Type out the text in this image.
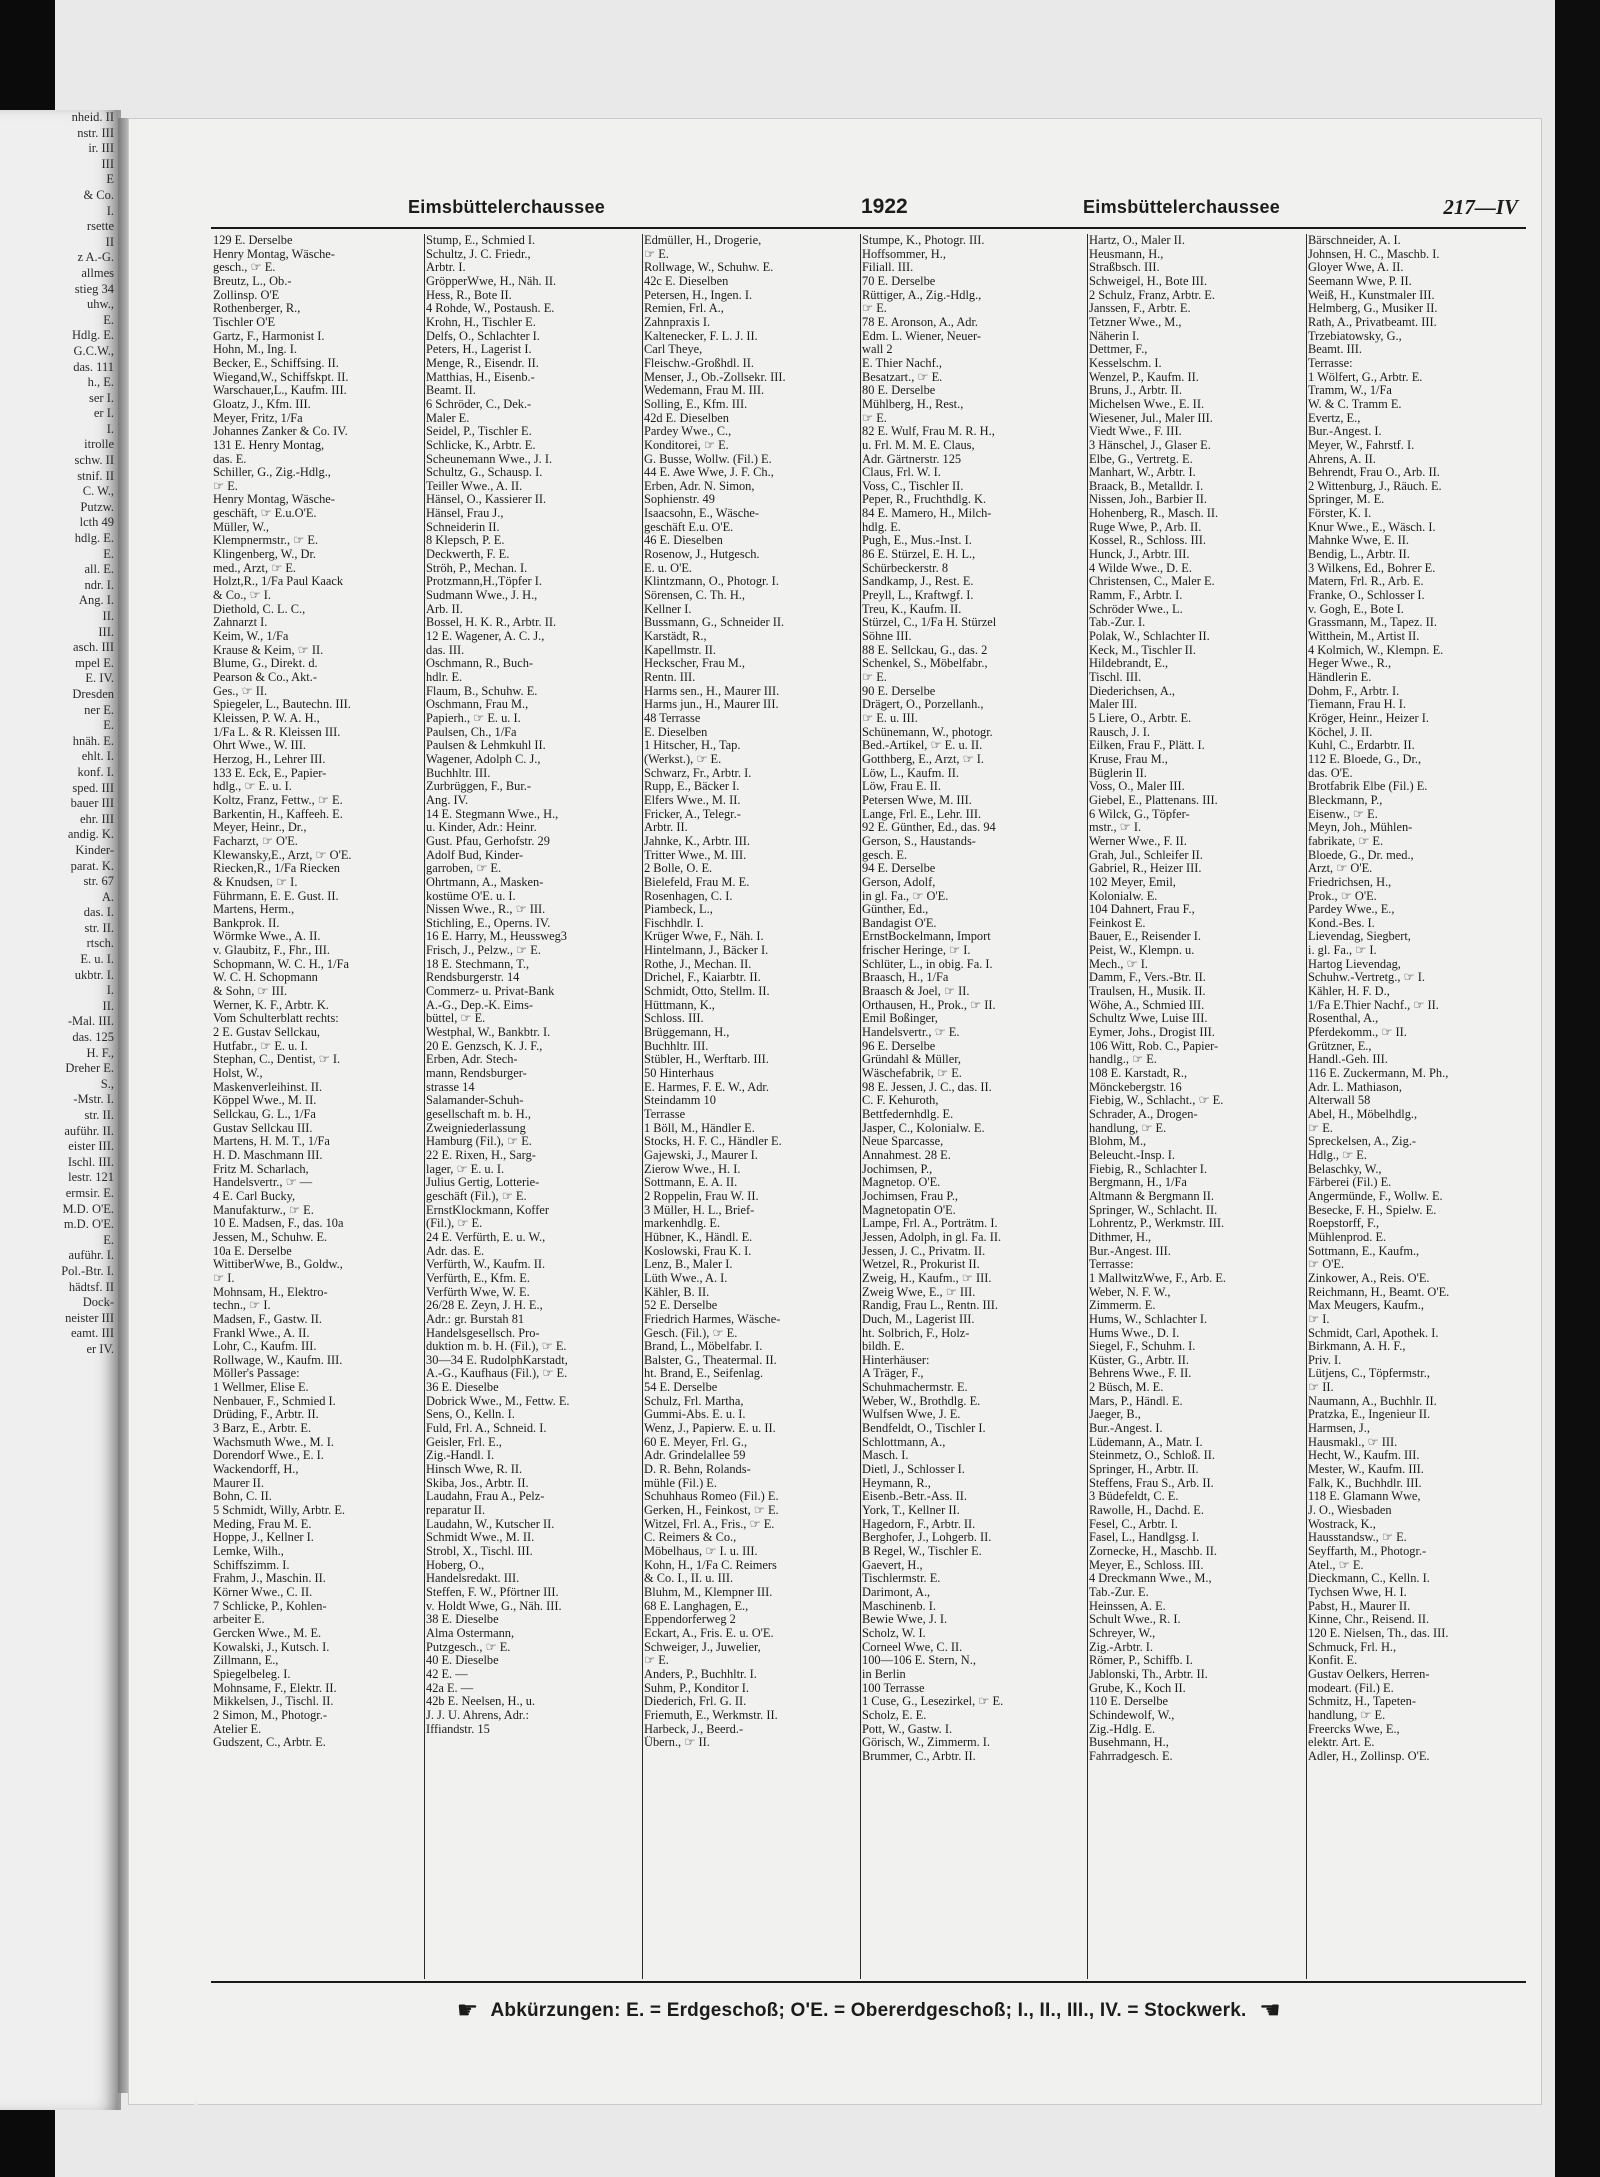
nheid. II
nstr. III
ir. III
III
E
& Co.
I.
rsette
II
z A.-G.
allmes
stieg 34
uhw.,
E.
Hdlg. E.
G.C.W.,
das. 111
h., E.
ser I.
er I.
I.
itrolle
schw. II
stnif. II
C. W.,
Putzw.
lcth 49
hdlg. E.
E.
all. E.
ndr. I.
Ang. I.
II.
III.
asch. III
mpel E.
E. IV.
Dresden
ner E.
E.
hnäh. E.
ehlt. I.
konf. I.
sped. III
bauer III
ehr. III
andig. K.
Kinder-
parat. K.
str. 67
A.
das. I.
str. II.
rtsch.
E. u. I.
ukbtr. I.
I.
II.
-Mal. III.
das. 125
H. F.,
Dreher E.
S.,
-Mstr. I.
str. II.
auführ. II.
eister III.
Ischl. III.
lestr. 121
ermsir. E.
M.D. O'E.
m.D. O'E.
E.
auführ. I.
Pol.-Btr. I.
hädtsf. II
Dock-
neister III
eamt. III
er IV.
Eimsbüttelerchaussee	1922	Eimsbüttelerchaussee	217—IV
129 E. Derselbe
Henry Montag, Wäsche-
gesch., ☞ E.
Breutz, L., Ob.-
Zollinsp. O'E
Rothenberger, R.,
Tischler O'E
Gartz, F., Harmonist I.
Hohn, M., Ing. I.
Becker, E., Schiffsing. II.
Wiegand,W., Schiffskpt. II.
Warschauer,L., Kaufm. III.
Gloatz, J., Kfm. III.
Meyer, Fritz, 1/Fa
Johannes Zanker & Co. IV.
131 E. Henry Montag,
das. E.
Schiller, G., Zig.-Hdlg.,
☞ E.
Henry Montag, Wäsche-
geschäft, ☞ E.u.O'E.
Müller, W.,
Klempnermstr., ☞ E.
Klingenberg, W., Dr.
med., Arzt, ☞ E.
Holzt,R., 1/Fa Paul Kaack
& Co., ☞ I.
Diethold, C. L. C.,
Zahnarzt I.
Keim, W., 1/Fa
Krause & Keim, ☞ II.
Blume, G., Direkt. d.
Pearson & Co., Akt.-
Ges., ☞ II.
Spiegeler, L., Bautechn. III.
Kleissen, P. W. A. H.,
1/Fa L. & R. Kleissen III.
Ohrt Wwe., W. III.
Herzog, H., Lehrer III.
133 E. Eck, E., Papier-
hdlg., ☞ E. u. I.
Koltz, Franz, Fettw., ☞ E.
Barkentin, H., Kaffeeh. E.
Meyer, Heinr., Dr.,
Facharzt, ☞ O'E.
Klewansky,E., Arzt, ☞ O'E.
Riecken,R., 1/Fa Riecken
& Knudsen, ☞ I.
Führmann, E. E. Gust. II.
Martens, Herm.,
Bankprok. II.
Wörmke Wwe., A. II.
v. Glaubitz, F., Fhr., III.
Schopmann, W. C. H., 1/Fa
W. C. H. Schopmann
& Sohn, ☞ III.
Werner, K. F., Arbtr. K.
Vom Schulterblatt rechts:
2 E. Gustav Sellckau,
Hutfabr., ☞ E. u. I.
Stephan, C., Dentist, ☞ I.
Holst, W.,
Maskenverleihinst. II.
Köppel Wwe., M. II.
Sellckau, G. L., 1/Fa
Gustav Sellckau III.
Martens, H. M. T., 1/Fa
H. D. Maschmann III.
Fritz M. Scharlach,
Handelsvertr., ☞ —
4 E. Carl Bucky,
Manufakturw., ☞ E.
10 E. Madsen, F., das. 10a
Jessen, M., Schuhw. E.
10a E. Derselbe
WittiberWwe, B., Goldw.,
☞ I.
Mohnsam, H., Elektro-
techn., ☞ I.
Madsen, F., Gastw. II.
Frankl Wwe., A. II.
Lohr, C., Kaufm. III.
Rollwage, W., Kaufm. III.
Möller's Passage:
1 Wellmer, Elise E.
Nenbauer, F., Schmied I.
Drüding, F., Arbtr. II.
3 Barz, E., Arbtr. E.
Wachsmuth Wwe., M. I.
Dorendorf Wwe., E. I.
Wackendorff, H.,
Maurer II.
Bohn, C. II.
5 Schmidt, Willy, Arbtr. E.
Meding, Frau M. E.
Hoppe, J., Kellner I.
Lemke, Wilh.,
Schiffszimm. I.
Frahm, J., Maschin. II.
Körner Wwe., C. II.
7 Schlicke, P., Kohlen-
arbeiter E.
Gercken Wwe., M. E.
Kowalski, J., Kutsch. I.
Zillmann, E.,
Spiegelbeleg. I.
Mohnsame, F., Elektr. II.
Mikkelsen, J., Tischl. II.
2 Simon, M., Photogr.-
Atelier E.
Gudszent, C., Arbtr. E.
Stump, E., Schmied I.
Schultz, J. C. Friedr.,
Arbtr. I.
GröpperWwe, H., Näh. II.
Hess, R., Bote II.
4 Rohde, W., Postaush. E.
Krohn, H., Tischler E.
Delfs, O., Schlachter I.
Peters, H., Lagerist I.
Menge, R., Eisendr. II.
Matthias, H., Eisenb.-
Beamt. II.
6 Schröder, C., Dek.-
Maler E.
Seidel, P., Tischler E.
Schlicke, K., Arbtr. E.
Scheunemann Wwe., J. I.
Schultz, G., Schausp. I.
Teiller Wwe., A. II.
Hänsel, O., Kassierer II.
Hänsel, Frau J.,
Schneiderin II.
8 Klepsch, P. E.
Deckwerth, F. E.
Ströh, P., Mechan. I.
Protzmann,H.,Töpfer I.
Sudmann Wwe., J. H.,
Arb. II.
Bossel, H. K. R., Arbtr. II.
12 E. Wagener, A. C. J.,
das. III.
Oschmann, R., Buch-
hdlr. E.
Flaum, B., Schuhw. E.
Oschmann, Frau M.,
Papierh., ☞ E. u. I.
Paulsen, Ch., 1/Fa
Paulsen & Lehmkuhl II.
Wagener, Adolph C. J.,
Buchhltr. III.
Zurbrüggen, F., Bur.-
Ang. IV.
14 E. Stegmann Wwe., H.,
u. Kinder, Adr.: Heinr.
Gust. Pfau, Gerhofstr. 29
Adolf Bud, Kinder-
garroben, ☞ E.
Ohrtmann, A., Masken-
kostüme O'E. u. I.
Nissen Wwe., R., ☞ III.
Stichling, E., Operns. IV.
16 E. Harry, M., Heussweg3
Frisch, J., Pelzw., ☞ E.
18 E. Stechmann, T.,
Rendsburgerstr. 14
Commerz- u. Privat-Bank
A.-G., Dep.-K. Eims-
büttel, ☞ E.
Westphal, W., Bankbtr. I.
20 E. Genzsch, K. J. F.,
Erben, Adr. Stech-
mann, Rendsburger-
strasse 14
Salamander-Schuh-
gesellschaft m. b. H.,
Zweigniederlassung
Hamburg (Fil.), ☞ E.
22 E. Rixen, H., Sarg-
lager, ☞ E. u. I.
Julius Gertig, Lotterie-
geschäft (Fil.), ☞ E.
ErnstKlockmann, Koffer
(Fil.), ☞ E.
24 E. Verfürth, E. u. W.,
Adr. das. E.
Verfürth, W., Kaufm. II.
Verfürth, E., Kfm. E.
Verfürth Wwe, W. E.
26/28 E. Zeyn, J. H. E.,
Adr.: gr. Burstah 81
Handelsgesellsch. Pro-
duktion m. b. H. (Fil.), ☞ E.
30—34 E. RudolphKarstadt,
A.-G., Kaufhaus (Fil.), ☞ E.
36 E. Dieselbe
Dobrick Wwe., M., Fettw. E.
Sens, O., Kelln. I.
Fuld, Frl. A., Schneid. I.
Geisler, Frl. E.,
Zig.-Handl. I.
Hinsch Wwe, R. II.
Skiba, Jos., Arbtr. II.
Laudahn, Frau A., Pelz-
reparatur II.
Laudahn, W., Kutscher II.
Schmidt Wwe., M. II.
Strobl, X., Tischl. III.
Hoberg, O.,
Handelsredakt. III.
Steffen, F. W., Pförtner III.
v. Holdt Wwe, G., Näh. III.
38 E. Dieselbe
Alma Ostermann,
Putzgesch., ☞ E.
40 E. Dieselbe
42 E. —
42a E. —
42b E. Neelsen, H., u.
J. J. U. Ahrens, Adr.:
Iffiandstr. 15
Edmüller, H., Drogerie,
☞ E.
Rollwage, W., Schuhw. E.
42c E. Dieselben
Petersen, H., Ingen. I.
Remien, Frl. A.,
Zahnpraxis I.
Kaltenecker, F. L. J. II.
Carl Theye,
Fleischw.-Großhdl. II.
Menser, J., Ob.-Zollsekr. III.
Wedemann, Frau M. III.
Solling, E., Kfm. III.
42d E. Dieselben
Pardey Wwe., C.,
Konditorei, ☞ E.
G. Busse, Wollw. (Fil.) E.
44 E. Awe Wwe, J. F. Ch.,
Erben, Adr. N. Simon,
Sophienstr. 49
Isaacsohn, E., Wäsche-
geschäft E.u. O'E.
46 E. Dieselben
Rosenow, J., Hutgesch.
E. u. O'E.
Klintzmann, O., Photogr. I.
Sörensen, C. Th. H.,
Kellner I.
Bussmann, G., Schneider II.
Karstädt, R.,
Kapellmstr. II.
Heckscher, Frau M.,
Rentn. III.
Harms sen., H., Maurer III.
Harms jun., H., Maurer III.
48 Terrasse
E. Dieselben
1 Hitscher, H., Tap.
(Werkst.), ☞ E.
Schwarz, Fr., Arbtr. I.
Rupp, E., Bäcker I.
Elfers Wwe., M. II.
Fricker, A., Telegr.-
Arbtr. II.
Jahnke, K., Arbtr. III.
Tritter Wwe., M. III.
2 Bolle, O. E.
Bielefeld, Frau M. E.
Rosenhagen, C. I.
Piambeck, L.,
Fischhdlr. I.
Krüger Wwe, F., Näh. I.
Hintelmann, J., Bäcker I.
Rothe, J., Mechan. II.
Drichel, F., Kaiarbtr. II.
Schmidt, Otto, Stellm. II.
Hüttmann, K.,
Schloss. III.
Brüggemann, H.,
Buchhltr. III.
Stübler, H., Werftarb. III.
50 Hinterhaus
E. Harmes, F. E. W., Adr.
Steindamm 10
Terrasse
1 Böll, M., Händler E.
Stocks, H. F. C., Händler E.
Gajewski, J., Maurer I.
Zierow Wwe., H. I.
Sottmann, E. A. II.
2 Roppelin, Frau W. II.
3 Müller, H. L., Brief-
markenhdlg. E.
Hübner, K., Händl. E.
Koslowski, Frau K. I.
Lenz, B., Maler I.
Lüth Wwe., A. I.
Kähler, B. II.
52 E. Derselbe
Friedrich Harmes, Wäsche-
Gesch. (Fil.), ☞ E.
Brand, L., Möbelfabr. I.
Balster, G., Theatermal. II.
ht. Brand, E., Seifenlag.
54 E. Derselbe
Schulz, Frl. Martha,
Gummi-Abs. E. u. I.
Wenz, J., Papierw. E. u. II.
60 E. Meyer, Frl. G.,
Adr. Grindelallee 59
D. R. Behn, Rolands-
mühle (Fil.) E.
Schuhhaus Romeo (Fil.) E.
Gerken, H., Feinkost, ☞ E.
Witzel, Frl. A., Fris., ☞ E.
C. Reimers & Co.,
Möbelhaus, ☞ I. u. III.
Kohn, H., 1/Fa C. Reimers
& Co. I., II. u. III.
Bluhm, M., Klempner III.
68 E. Langhagen, E.,
Eppendorferweg 2
Eckart, A., Fris. E. u. O'E.
Schweiger, J., Juwelier,
☞ E.
Anders, P., Buchhltr. I.
Suhm, P., Konditor I.
Diederich, Frl. G. II.
Friemuth, E., Werkmstr. II.
Harbeck, J., Beerd.-
Übern., ☞ II.
Stumpe, K., Photogr. III.
Hoffsommer, H.,
Filiall. III.
70 E. Derselbe
Rüttiger, A., Zig.-Hdlg.,
☞ E.
78 E. Aronson, A., Adr.
Edm. L. Wiener, Neuer-
wall 2
E. Thier Nachf.,
Besatzart., ☞ E.
80 E. Derselbe
Mühlberg, H., Rest.,
☞ E.
82 E. Wulf, Frau M. R. H.,
u. Frl. M. M. E. Claus,
Adr. Gärtnerstr. 125
Claus, Frl. W. I.
Voss, C., Tischler II.
Peper, R., Fruchthdlg. K.
84 E. Mamero, H., Milch-
hdlg. E.
Pugh, E., Mus.-Inst. I.
86 E. Stürzel, E. H. L.,
Schürbeckerstr. 8
Sandkamp, J., Rest. E.
Preyll, L., Kraftwgf. I.
Treu, K., Kaufm. II.
Stürzel, C., 1/Fa H. Stürzel
Söhne III.
88 E. Sellckau, G., das. 2
Schenkel, S., Möbelfabr.,
☞ E.
90 E. Derselbe
Drägert, O., Porzellanh.,
☞ E. u. III.
Schünemann, W., photogr.
Bed.-Artikel, ☞ E. u. II.
Gotthberg, E., Arzt, ☞ I.
Löw, L., Kaufm. II.
Löw, Frau E. II.
Petersen Wwe, M. III.
Lange, Frl. E., Lehr. III.
92 E. Günther, Ed., das. 94
Gerson, S., Haustands-
gesch. E.
94 E. Derselbe
Gerson, Adolf,
in gl. Fa., ☞ O'E.
Günther, Ed.,
Bandagist O'E.
ErnstBockelmann, Import
frischer Heringe, ☞ I.
Schlüter, L., in obig. Fa. I.
Braasch, H., 1/Fa
Braasch & Joel, ☞ II.
Orthausen, H., Prok., ☞ II.
Emil Boßinger,
Handelsvertr., ☞ E.
96 E. Derselbe
Gründahl & Müller,
Wäschefabrik, ☞ E.
98 E. Jessen, J. C., das. II.
C. F. Kehuroth,
Bettfedernhdlg. E.
Jasper, C., Kolonialw. E.
Neue Sparcasse,
Annahmest. 28 E.
Jochimsen, P.,
Magnetop. O'E.
Jochimsen, Frau P.,
Magnetopatin O'E.
Lampe, Frl. A., Porträtm. I.
Jessen, Adolph, in gl. Fa. II.
Jessen, J. C., Privatm. II.
Wetzel, R., Prokurist II.
Zweig, H., Kaufm., ☞ III.
Zweig Wwe, E., ☞ III.
Randig, Frau L., Rentn. III.
Duch, M., Lagerist III.
ht. Solbrich, F., Holz-
bildh. E.
Hinterhäuser:
A Träger, F.,
Schuhmachermstr. E.
Weber, W., Brothdlg. E.
Wulfsen Wwe, J. E.
Bendfeldt, O., Tischler I.
Schlottmann, A.,
Masch. I.
Dietl, J., Schlosser I.
Heymann, R.,
Eisenb.-Betr.-Ass. II.
York, T., Kellner II.
Hagedorn, F., Arbtr. II.
Berghofer, J., Lohgerb. II.
B Regel, W., Tischler E.
Gaevert, H.,
Tischlermstr. E.
Darimont, A.,
Maschinenb. I.
Bewie Wwe, J. I.
Scholz, W. I.
Corneel Wwe, C. II.
100—106 E. Stern, N.,
in Berlin
100 Terrasse
1 Cuse, G., Lesezirkel, ☞ E.
Scholz, E. E.
Pott, W., Gastw. I.
Görisch, W., Zimmerm. I.
Brummer, C., Arbtr. II.
Hartz, O., Maler II.
Heusmann, H.,
Straßbsch. III.
Schweigel, H., Bote III.
2 Schulz, Franz, Arbtr. E.
Janssen, F., Arbtr. E.
Tetzner Wwe., M.,
Näherin I.
Dettmer, F.,
Kesselschm. I.
Wenzel, P., Kaufm. II.
Bruns, J., Arbtr. II.
Michelsen Wwe., E. II.
Wiesener, Jul., Maler III.
Viedt Wwe., F. III.
3 Hänschel, J., Glaser E.
Elbe, G., Vertretg. E.
Manhart, W., Arbtr. I.
Braack, B., Metalldr. I.
Nissen, Joh., Barbier II.
Hohenberg, R., Masch. II.
Ruge Wwe, P., Arb. II.
Kossel, R., Schloss. III.
Hunck, J., Arbtr. III.
4 Wilde Wwe., D. E.
Christensen, C., Maler E.
Ramm, F., Arbtr. I.
Schröder Wwe., L.
Tab.-Zur. I.
Polak, W., Schlachter II.
Keck, M., Tischler II.
Hildebrandt, E.,
Tischl. III.
Diederichsen, A.,
Maler III.
5 Liere, O., Arbtr. E.
Rausch, J. I.
Eilken, Frau F., Plätt. I.
Kruse, Frau M.,
Büglerin II.
Voss, O., Maler III.
Giebel, E., Plattenans. III.
6 Wilck, G., Töpfer-
mstr., ☞ I.
Werner Wwe., F. II.
Grah, Jul., Schleifer II.
Gabriel, R., Heizer III.
102 Meyer, Emil,
Kolonialw. E.
104 Dahnert, Frau F.,
Feinkost E.
Bauer, E., Reisender I.
Peist, W., Klempn. u.
Mech., ☞ I.
Damm, F., Vers.-Btr. II.
Traulsen, H., Musik. II.
Wöhe, A., Schmied III.
Schultz Wwe, Luise III.
Eymer, Johs., Drogist III.
106 Witt, Rob. C., Papier-
handlg., ☞ E.
108 E. Karstadt, R.,
Mönckebergstr. 16
Fiebig, W., Schlacht., ☞ E.
Schrader, A., Drogen-
handlung, ☞ E.
Blohm, M.,
Beleucht.-Insp. I.
Fiebig, R., Schlachter I.
Bergmann, H., 1/Fa
Altmann & Bergmann II.
Springer, W., Schlacht. II.
Lohrentz, P., Werkmstr. III.
Dithmer, H.,
Bur.-Angest. III.
Terrasse:
1 MallwitzWwe, F., Arb. E.
Weber, N. F. W.,
Zimmerm. E.
Hums, W., Schlachter I.
Hums Wwe., D. I.
Siegel, F., Schuhm. I.
Küster, G., Arbtr. II.
Behrens Wwe., F. II.
2 Büsch, M. E.
Mars, P., Händl. E.
Jaeger, B.,
Bur.-Angest. I.
Lüdemann, A., Matr. I.
Steinmetz, O., Schloß. II.
Springer, H., Arbtr. II.
Steffens, Frau S., Arb. II.
3 Büdefeldt, C. E.
Rawolle, H., Dachd. E.
Fesel, C., Arbtr. I.
Fasel, L., Handlgsg. I.
Zornecke, H., Maschb. II.
Meyer, E., Schloss. III.
4 Dreckmann Wwe., M.,
Tab.-Zur. E.
Heinssen, A. E.
Schult Wwe., R. I.
Schreyer, W.,
Zig.-Arbtr. I.
Römer, P., Schiffb. I.
Jablonski, Th., Arbtr. II.
Grube, K., Koch II.
110 E. Derselbe
Schindewolf, W.,
Zig.-Hdlg. E.
Busehmann, H.,
Fahrradgesch. E.
Bärschneider, A. I.
Johnsen, H. C., Maschb. I.
Gloyer Wwe, A. II.
Seemann Wwe, P. II.
Weiß, H., Kunstmaler III.
Helmberg, G., Musiker II.
Rath, A., Privatbeamt. III.
Trzebiatowsky, G.,
Beamt. III.
Terrasse:
1 Wölfert, G., Arbtr. E.
Tramm, W., 1/Fa
W. & C. Tramm E.
Evertz, E.,
Bur.-Angest. I.
Meyer, W., Fahrstf. I.
Ahrens, A. II.
Behrendt, Frau O., Arb. II.
2 Wittenburg, J., Räuch. E.
Springer, M. E.
Förster, K. I.
Knur Wwe., E., Wäsch. I.
Mahnke Wwe, E. II.
Bendig, L., Arbtr. II.
3 Wilkens, Ed., Bohrer E.
Matern, Frl. R., Arb. E.
Franke, O., Schlosser I.
v. Gogh, E., Bote I.
Grassmann, M., Tapez. II.
Witthein, M., Artist II.
4 Kolmich, W., Klempn. E.
Heger Wwe., R.,
Händlerin E.
Dohm, F., Arbtr. I.
Tiemann, Frau H. I.
Kröger, Heinr., Heizer I.
Köchel, J. II.
Kuhl, C., Erdarbtr. II.
112 E. Bloede, G., Dr.,
das. O'E.
Brotfabrik Elbe (Fil.) E.
Bleckmann, P.,
Eisenw., ☞ E.
Meyn, Joh., Mühlen-
fabrikate, ☞ E.
Bloede, G., Dr. med.,
Arzt, ☞ O'E.
Friedrichsen, H.,
Prok., ☞ O'E.
Pardey Wwe., E.,
Kond.-Bes. I.
Lievendag, Siegbert,
i. gl. Fa., ☞ I.
Hartog Lievendag,
Schuhw.-Vertretg., ☞ I.
Kähler, H. F. D.,
1/Fa E.Thier Nachf., ☞ II.
Rosenthal, A.,
Pferdekomm., ☞ II.
Grützner, E.,
Handl.-Geh. III.
116 E. Zuckermann, M. Ph.,
Adr. L. Mathiason,
Alterwall 58
Abel, H., Möbelhdlg.,
☞ E.
Spreckelsen, A., Zig.-
Hdlg., ☞ E.
Belaschky, W.,
Färberei (Fil.) E.
Angermünde, F., Wollw. E.
Besecke, F. H., Spielw. E.
Roepstorff, F.,
Mühlenprod. E.
Sottmann, E., Kaufm.,
☞ O'E.
Zinkower, A., Reis. O'E.
Reichmann, H., Beamt. O'E.
Max Meugers, Kaufm.,
☞ I.
Schmidt, Carl, Apothek. I.
Birkmann, A. H. F.,
Priv. I.
Lütjens, C., Töpfermstr.,
☞ II.
Naumann, A., Buchhlr. II.
Pratzka, E., Ingenieur II.
Harmsen, J.,
Hausmakl., ☞ III.
Hecht, W., Kaufm. III.
Mester, W., Kaufm. III.
Falk, K., Buchhdlr. III.
118 E. Glamann Wwe,
J. O., Wiesbaden
Wostrack, K.,
Hausstandsw., ☞ E.
Seyffarth, M., Photogr.-
Atel., ☞ E.
Dieckmann, C., Kelln. I.
Tychsen Wwe, H. I.
Pabst, H., Maurer II.
Kinne, Chr., Reisend. II.
120 E. Nielsen, Th., das. III.
Schmuck, Frl. H.,
Konfit. E.
Gustav Oelkers, Herren-
modeart. (Fil.) E.
Schmitz, H., Tapeten-
handlung, ☞ E.
Freercks Wwe, E.,
elektr. Art. E.
Adler, H., Zollinsp. O'E.
☛ Abkürzungen: E. = Erdgeschoß; O'E. = Obererdgeschoß; I., II., III., IV. = Stockwerk. ☛
✦
